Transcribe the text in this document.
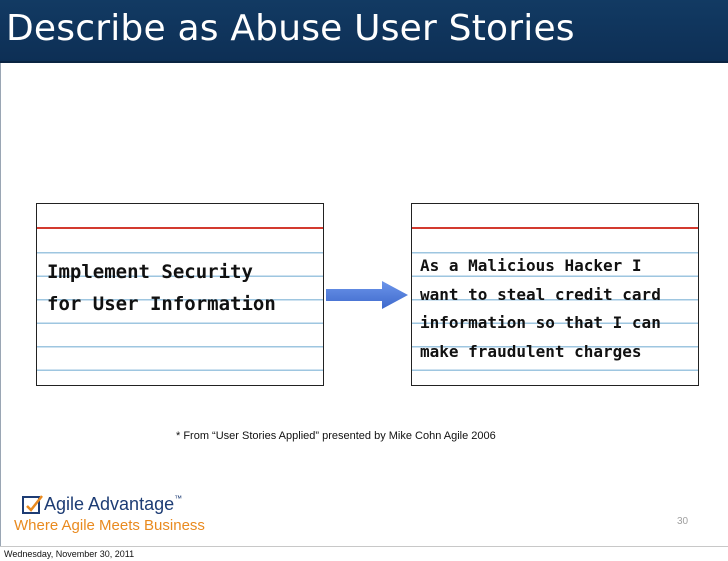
Describe as Abuse User Stories
Implement Security
for User Information
As a Malicious Hacker I
want to steal credit card
information so that I can
make fraudulent charges
* From “User Stories Applied” presented by Mike Cohn Agile 2006
Agile Advantage™
Where Agile Meets Business	30
Wednesday, November 30, 2011
